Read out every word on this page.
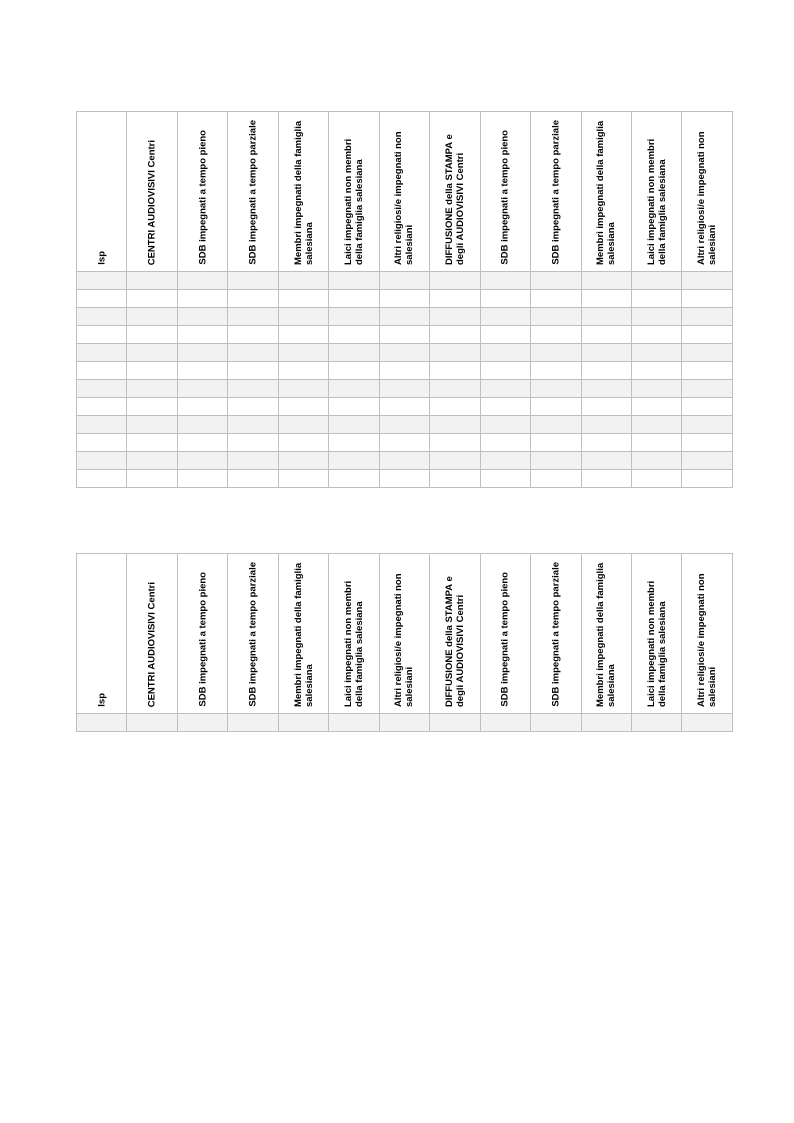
Isp	CENTRI AUDIOVISIVI Centri	SDB impegnati a tempo pieno	SDB impegnati a tempo parziale	Membri impegnati della famiglia salesiana	Laici impegnati non membri della famiglia salesiana	Altri religiosi/e impegnati non salesiani	DIFFUSIONE della STAMPA e degli AUDIOVISIVI Centri	SDB impegnati a tempo pieno	SDB impegnati a tempo parziale	Membri impegnati della famiglia salesiana	Laici impegnati non membri della famiglia salesiana	Altri religiosi/e impegnati non salesiani

Isp	CENTRI AUDIOVISIVI Centri	SDB impegnati a tempo pieno	SDB impegnati a tempo parziale	Membri impegnati della famiglia salesiana	Laici impegnati non membri della famiglia salesiana	Altri religiosi/e impegnati non salesiani	DIFFUSIONE della STAMPA e degli AUDIOVISIVI Centri	SDB impegnati a tempo pieno	SDB impegnati a tempo parziale	Membri impegnati della famiglia salesiana	Laici impegnati non membri della famiglia salesiana	Altri religiosi/e impegnati non salesiani
